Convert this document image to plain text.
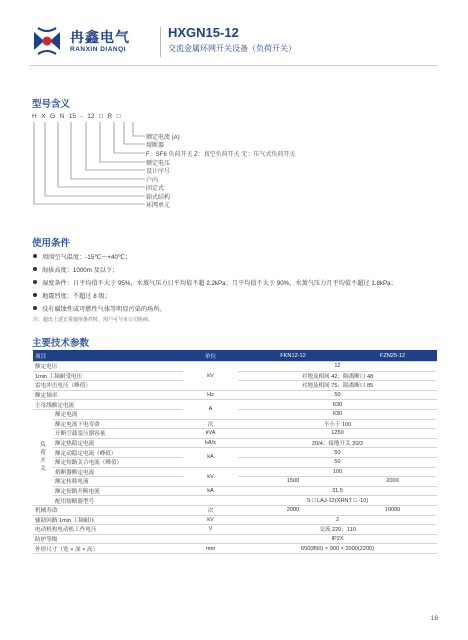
冉鑫电气
RANXIN DIANQI
HXGN15-12
交流金属环网开关设备（负荷开关）
型号含义
H X G N 15 - 12 □ R □
额定电流 (A)
熔断器
F：SF6 负荷开关 Z：真空负荷开关 无：压气式负荷开关
额定电压
设计序号
户内
固定式
箱式结构
环网单元
使用条件
周围空气温度：-15℃～+40℃；
海拔高度：1000m 及以下；
湿度条件：日平均值不大于 95%，水蒸气压力日平均值不超 2.2kPa；月平均值不大于 90%，水蒸气压力月平均值不超过 1.8kPa；
地震烈度：不超过 8 级；
没有腐蚀性或可燃性气体等明显污染的场所。
注：超出上述正常使用条件时，用户可与本公司协商。
主要技术参数
项目		单位	FKN12-12	FZN25-12
额定电压		kV	12	
1min 工频耐受电压			对地及相间 42；隔离断口 48	
雷电冲击电压（峰值）			对地及相间 75；隔离断口 85	
额定频率		Hz	50	
主母线额定电流		A	630	

负荷开关	额定电流		630	
	额定电流下电寿命	次	不小于 100	
	开断空载变压器容量	kVA	1250	
	额定热稳定电流	kA/s	20/4；接地开关 20/2	
	额定动稳定电流（峰值）	kA	50	
	额定短路关合电流（峰值）		50	
	熔断器额定电流	kV	100	
	额定转移电流		1500	2000
	额定短路开断电流	kA	31.5	
	配用熔断器型号		S □ LAJ-12(XRNT □ -10)	
机械寿命		次	2000	10000
辅助回路 1min 工频耐压		kV	2	
电动机构电动机工作电压		V	交流 220；110	
防护等级			IP2X	
外形尺寸（宽 × 深 × 高）		mm	650(850) × 900 × 2000(2200)	
16
